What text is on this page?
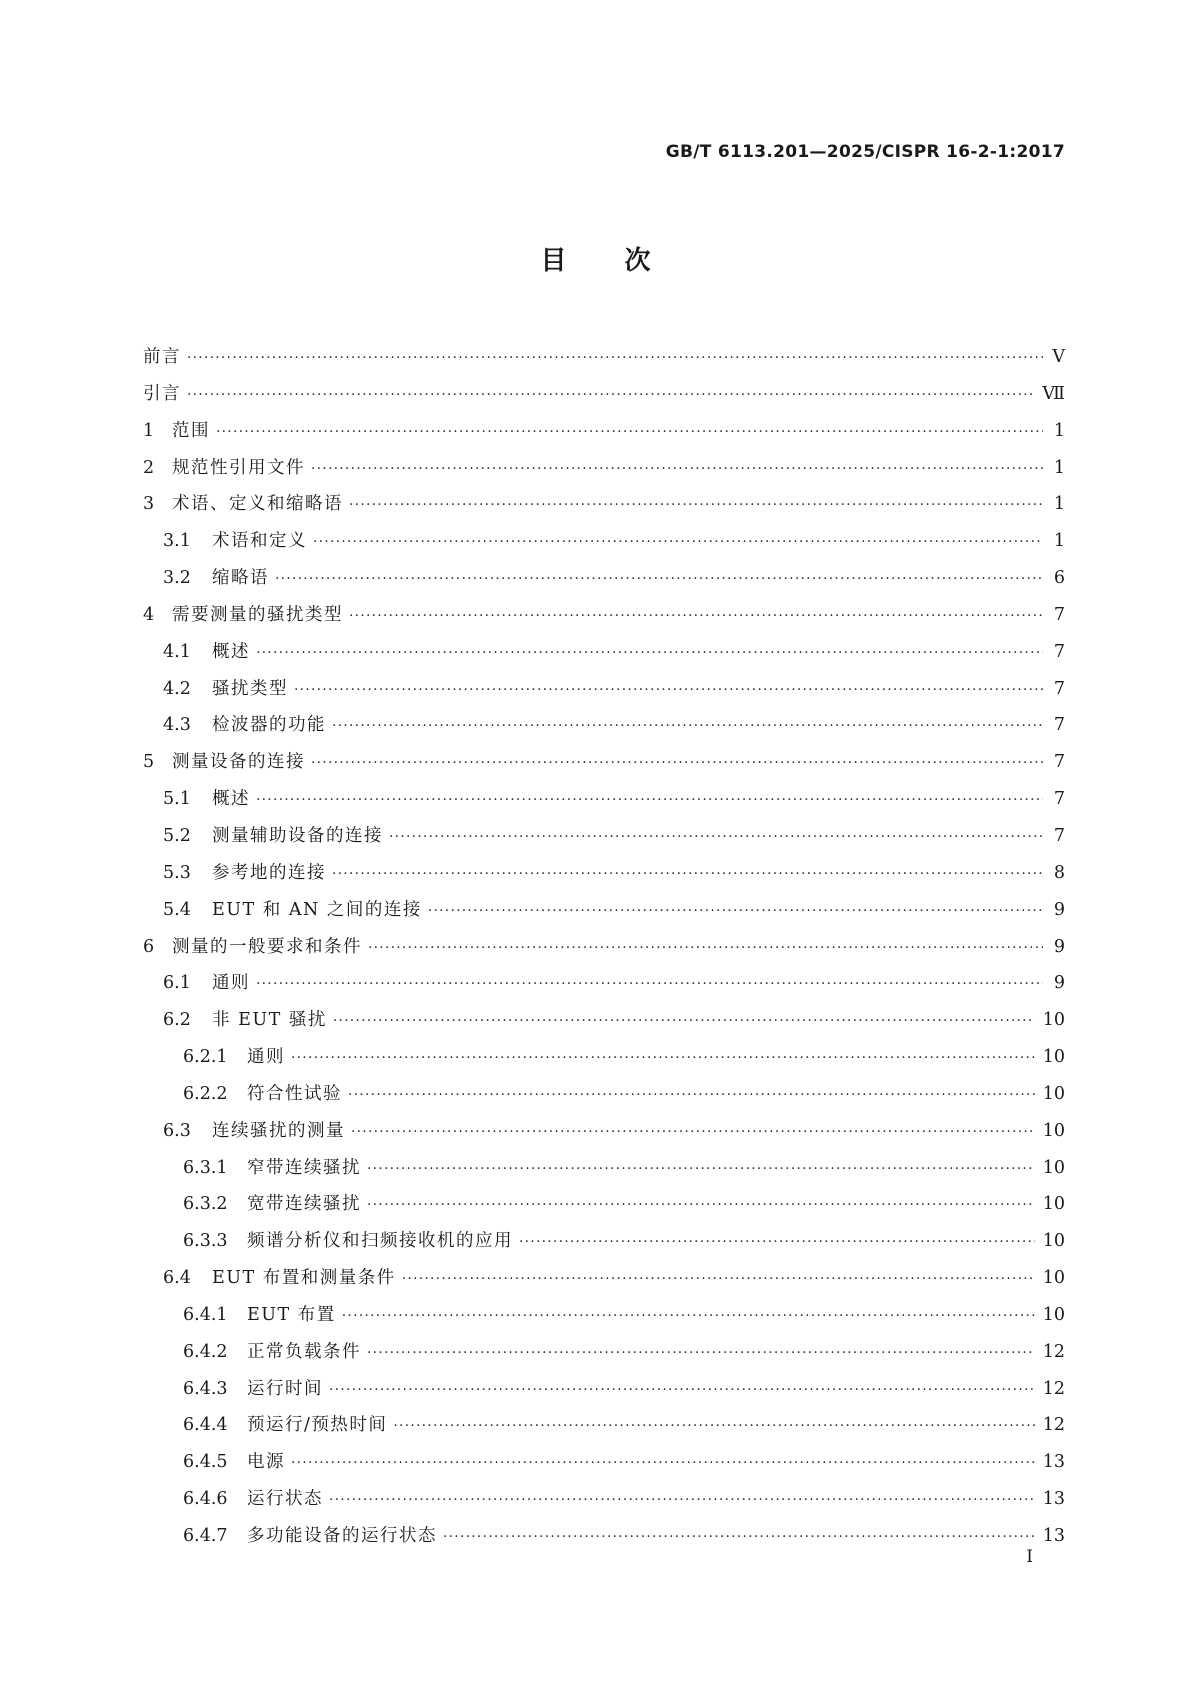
GB/T 6113.201—2025/CISPR 16-2-1:2017
目次
前言 ·····	Ⅴ
引言 ·····	Ⅶ
1	范围 ·····	1
2	规范性引用文件 ·····	1
3	术语、定义和缩略语 ·····	1
3.1	术语和定义 ·····	1
3.2	缩略语 ·····	6
4	需要测量的骚扰类型 ·····	7
4.1	概述 ·····	7
4.2	骚扰类型 ·····	7
4.3	检波器的功能 ·····	7
5	测量设备的连接 ·····	7
5.1	概述 ·····	7
5.2	测量辅助设备的连接 ·····	7
5.3	参考地的连接 ·····	8
5.4	EUT 和 AN 之间的连接 ·····	9
6	测量的一般要求和条件 ·····	9
6.1	通则 ·····	9
6.2	非 EUT 骚扰 ·····	10
6.2.1	通则 ·····	10
6.2.2	符合性试验 ·····	10
6.3	连续骚扰的测量 ·····	10
6.3.1	窄带连续骚扰 ·····	10
6.3.2	宽带连续骚扰 ·····	10
6.3.3	频谱分析仪和扫频接收机的应用 ·····	10
6.4	EUT 布置和测量条件 ·····	10
6.4.1	EUT 布置 ·····	10
6.4.2	正常负载条件 ·····	12
6.4.3	运行时间 ·····	12
6.4.4	预运行/预热时间 ·····	12
6.4.5	电源 ·····	13
6.4.6	运行状态 ·····	13
6.4.7	多功能设备的运行状态 ·····	13
Ⅰ
